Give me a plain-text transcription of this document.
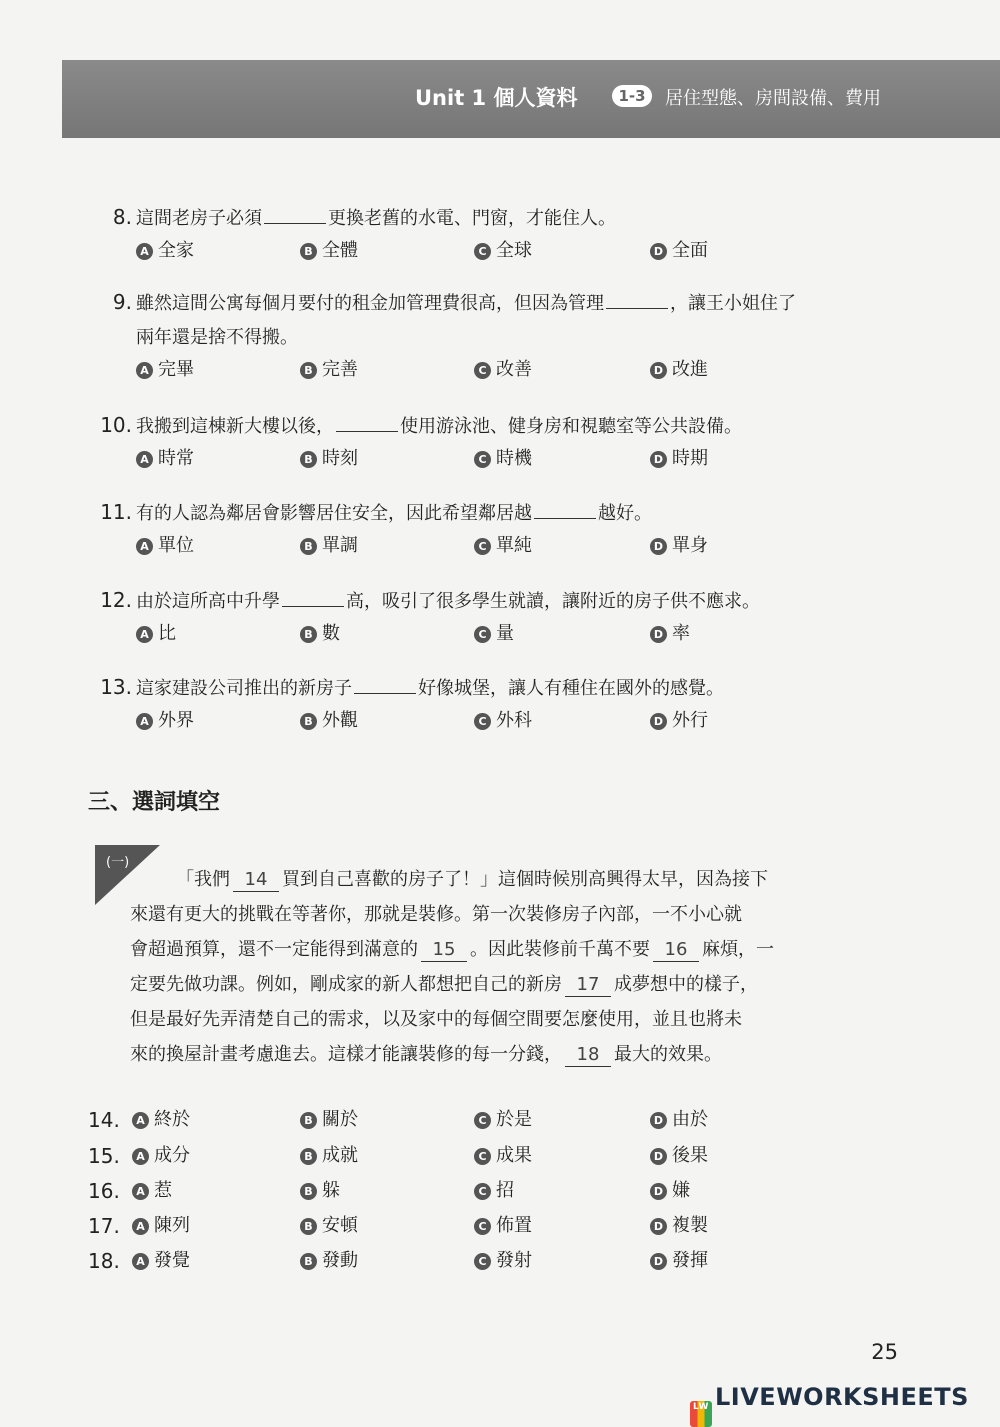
Unit 1 個人資料	1-3	居住型態、房間設備、費用
8. 這間老房子必須	更換老舊的水電、門窗，才能住人。
A 全家	B 全體	C 全球	D 全面
9. 雖然這間公寓每個月要付的租金加管理費很高，但因為管理	，讓王小姐住了
兩年還是捨不得搬。
A 完畢	B 完善	C 改善	D 改進
10. 我搬到這棟新大樓以後，	使用游泳池、健身房和視聽室等公共設備。
A 時常	B 時刻	C 時機	D 時期
11. 有的人認為鄰居會影響居住安全，因此希望鄰居越	越好。
A 單位	B 單調	C 單純	D 單身
12. 由於這所高中升學	高，吸引了很多學生就讀，讓附近的房子供不應求。
A 比	B 數	C 量	D 率
13. 這家建設公司推出的新房子	好像城堡，讓人有種住在國外的感覺。
A 外界	B 外觀	C 外科	D 外行
三、選詞填空
(一)
「我們 14 買到自己喜歡的房子了！」這個時候別高興得太早，因為接下
來還有更大的挑戰在等著你，那就是裝修。第一次裝修房子內部，一不小心就
會超過預算，還不一定能得到滿意的 15 。因此裝修前千萬不要 16 麻煩，一
定要先做功課。例如，剛成家的新人都想把自己的新房 17 成夢想中的樣子，
但是最好先弄清楚自己的需求，以及家中的每個空間要怎麼使用，並且也將未
來的換屋計畫考慮進去。這樣才能讓裝修的每一分錢， 18 最大的效果。
14.	A 終於	B 關於	C 於是	D 由於
15.	A 成分	B 成就	C 成果	D 後果
16.	A 惹	B 躲	C 招	D 嫌
17.	A 陳列	B 安頓	C 佈置	D 複製
18.	A 發覺	B 發動	C 發射	D 發揮
25
LW LIVEWORKSHEETS
